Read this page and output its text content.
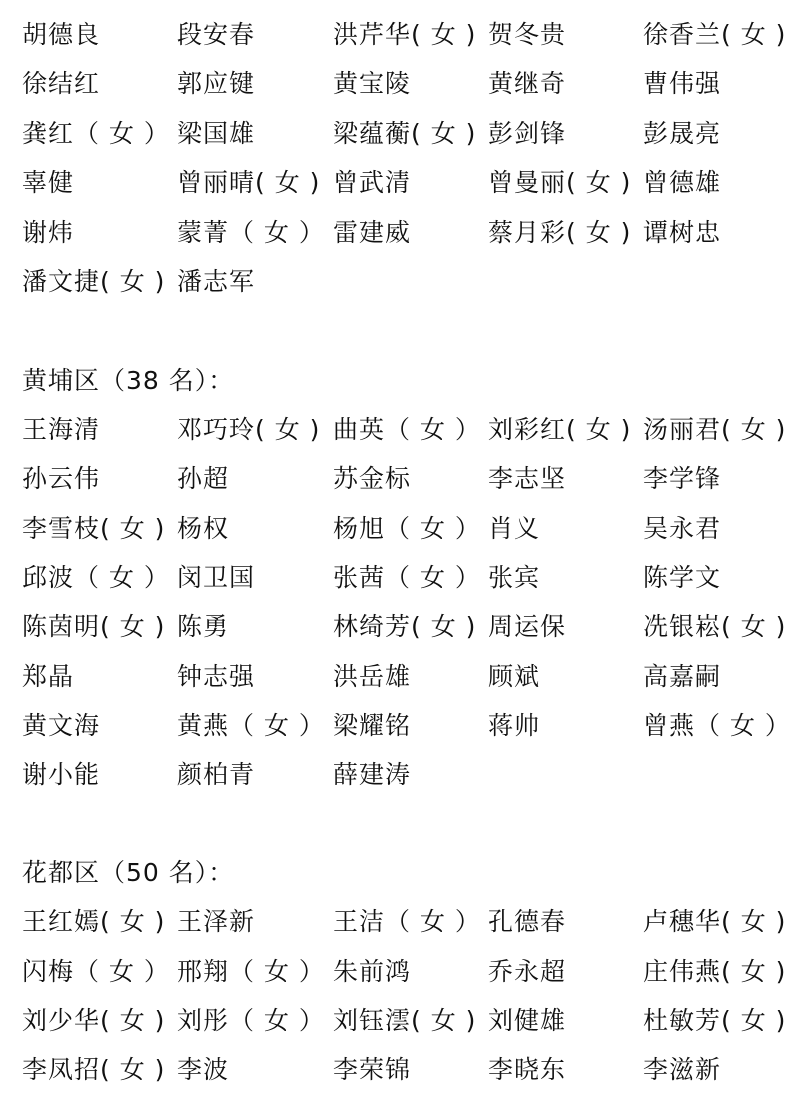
胡德良	段安春	洪芹华( 女 ) 贺冬贵	徐香兰( 女 )
徐结红	郭应键	黄宝陵	黄继奇	曹伟强
龚红（ 女 ） 梁国雄	梁蕴蘅( 女 ) 彭剑锋	彭晟亮
辜健	曾丽晴( 女 ) 曾武清	曾曼丽( 女 ) 曾德雄
谢炜	蒙菁（ 女 ） 雷建威	蔡月彩( 女 ) 谭树忠
潘文捷( 女 ) 潘志军
黄埔区（38 名）：
王海清	邓巧玲( 女 ) 曲英（ 女 ） 刘彩红( 女 ) 汤丽君( 女 )
孙云伟	孙超	苏金标	李志坚	李学锋
李雪枝( 女 ) 杨权	杨旭（ 女 ） 肖义	吴永君
邱波（ 女 ） 闵卫国	张茜（ 女 ） 张宾	陈学文
陈茵明( 女 ) 陈勇	林绮芳( 女 ) 周运保	冼银崧( 女 )
郑晶	钟志强	洪岳雄	顾斌	高嘉嗣
黄文海	黄燕（ 女 ） 梁耀铭	蒋帅	曾燕（ 女 ）
谢小能	颜柏青	薛建涛
花都区（50 名）：
王红嫣( 女 ) 王泽新	王洁（ 女 ） 孔德春	卢穗华( 女 )
闪梅（ 女 ） 邢翔（ 女 ） 朱前鸿	乔永超	庄伟燕( 女 )
刘少华( 女 ) 刘彤（ 女 ） 刘钰澐( 女 ) 刘健雄	杜敏芳( 女 )
李凤招( 女 ) 李波	李荣锦	李晓东	李滋新
